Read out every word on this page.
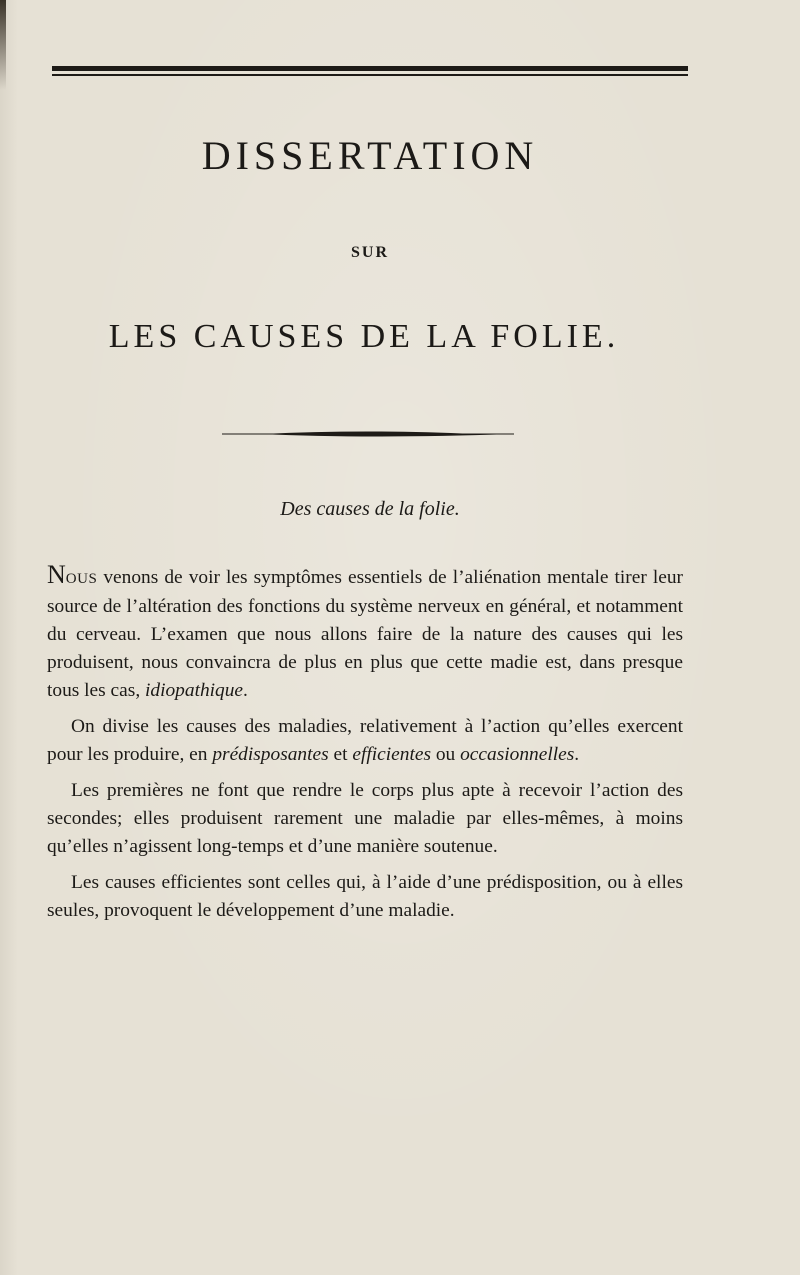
DISSERTATION
SUR
LES CAUSES DE LA FOLIE.
Des causes de la folie.

NOUS venons de voir les symptômes essentiels de l’aliénation mentale tirer leur source de l’altération des fonctions du système nerveux en général, et notamment du cerveau. L’examen que nous allons faire de la nature des causes qui les produisent, nous convaincra de plus en plus que cette madie est, dans presque tous les cas, idiopathique.

On divise les causes des maladies, relativement à l’action qu’elles exercent pour les produire, en prédisposantes et efficientes ou occasionnelles.

Les premières ne font que rendre le corps plus apte à recevoir l’action des secondes; elles produisent rarement une maladie par elles-mêmes, à moins qu’elles n’agissent long-temps et d’une manière soutenue.

Les causes efficientes sont celles qui, à l’aide d’une prédisposition, ou à elles seules, provoquent le développement d’une maladie.
